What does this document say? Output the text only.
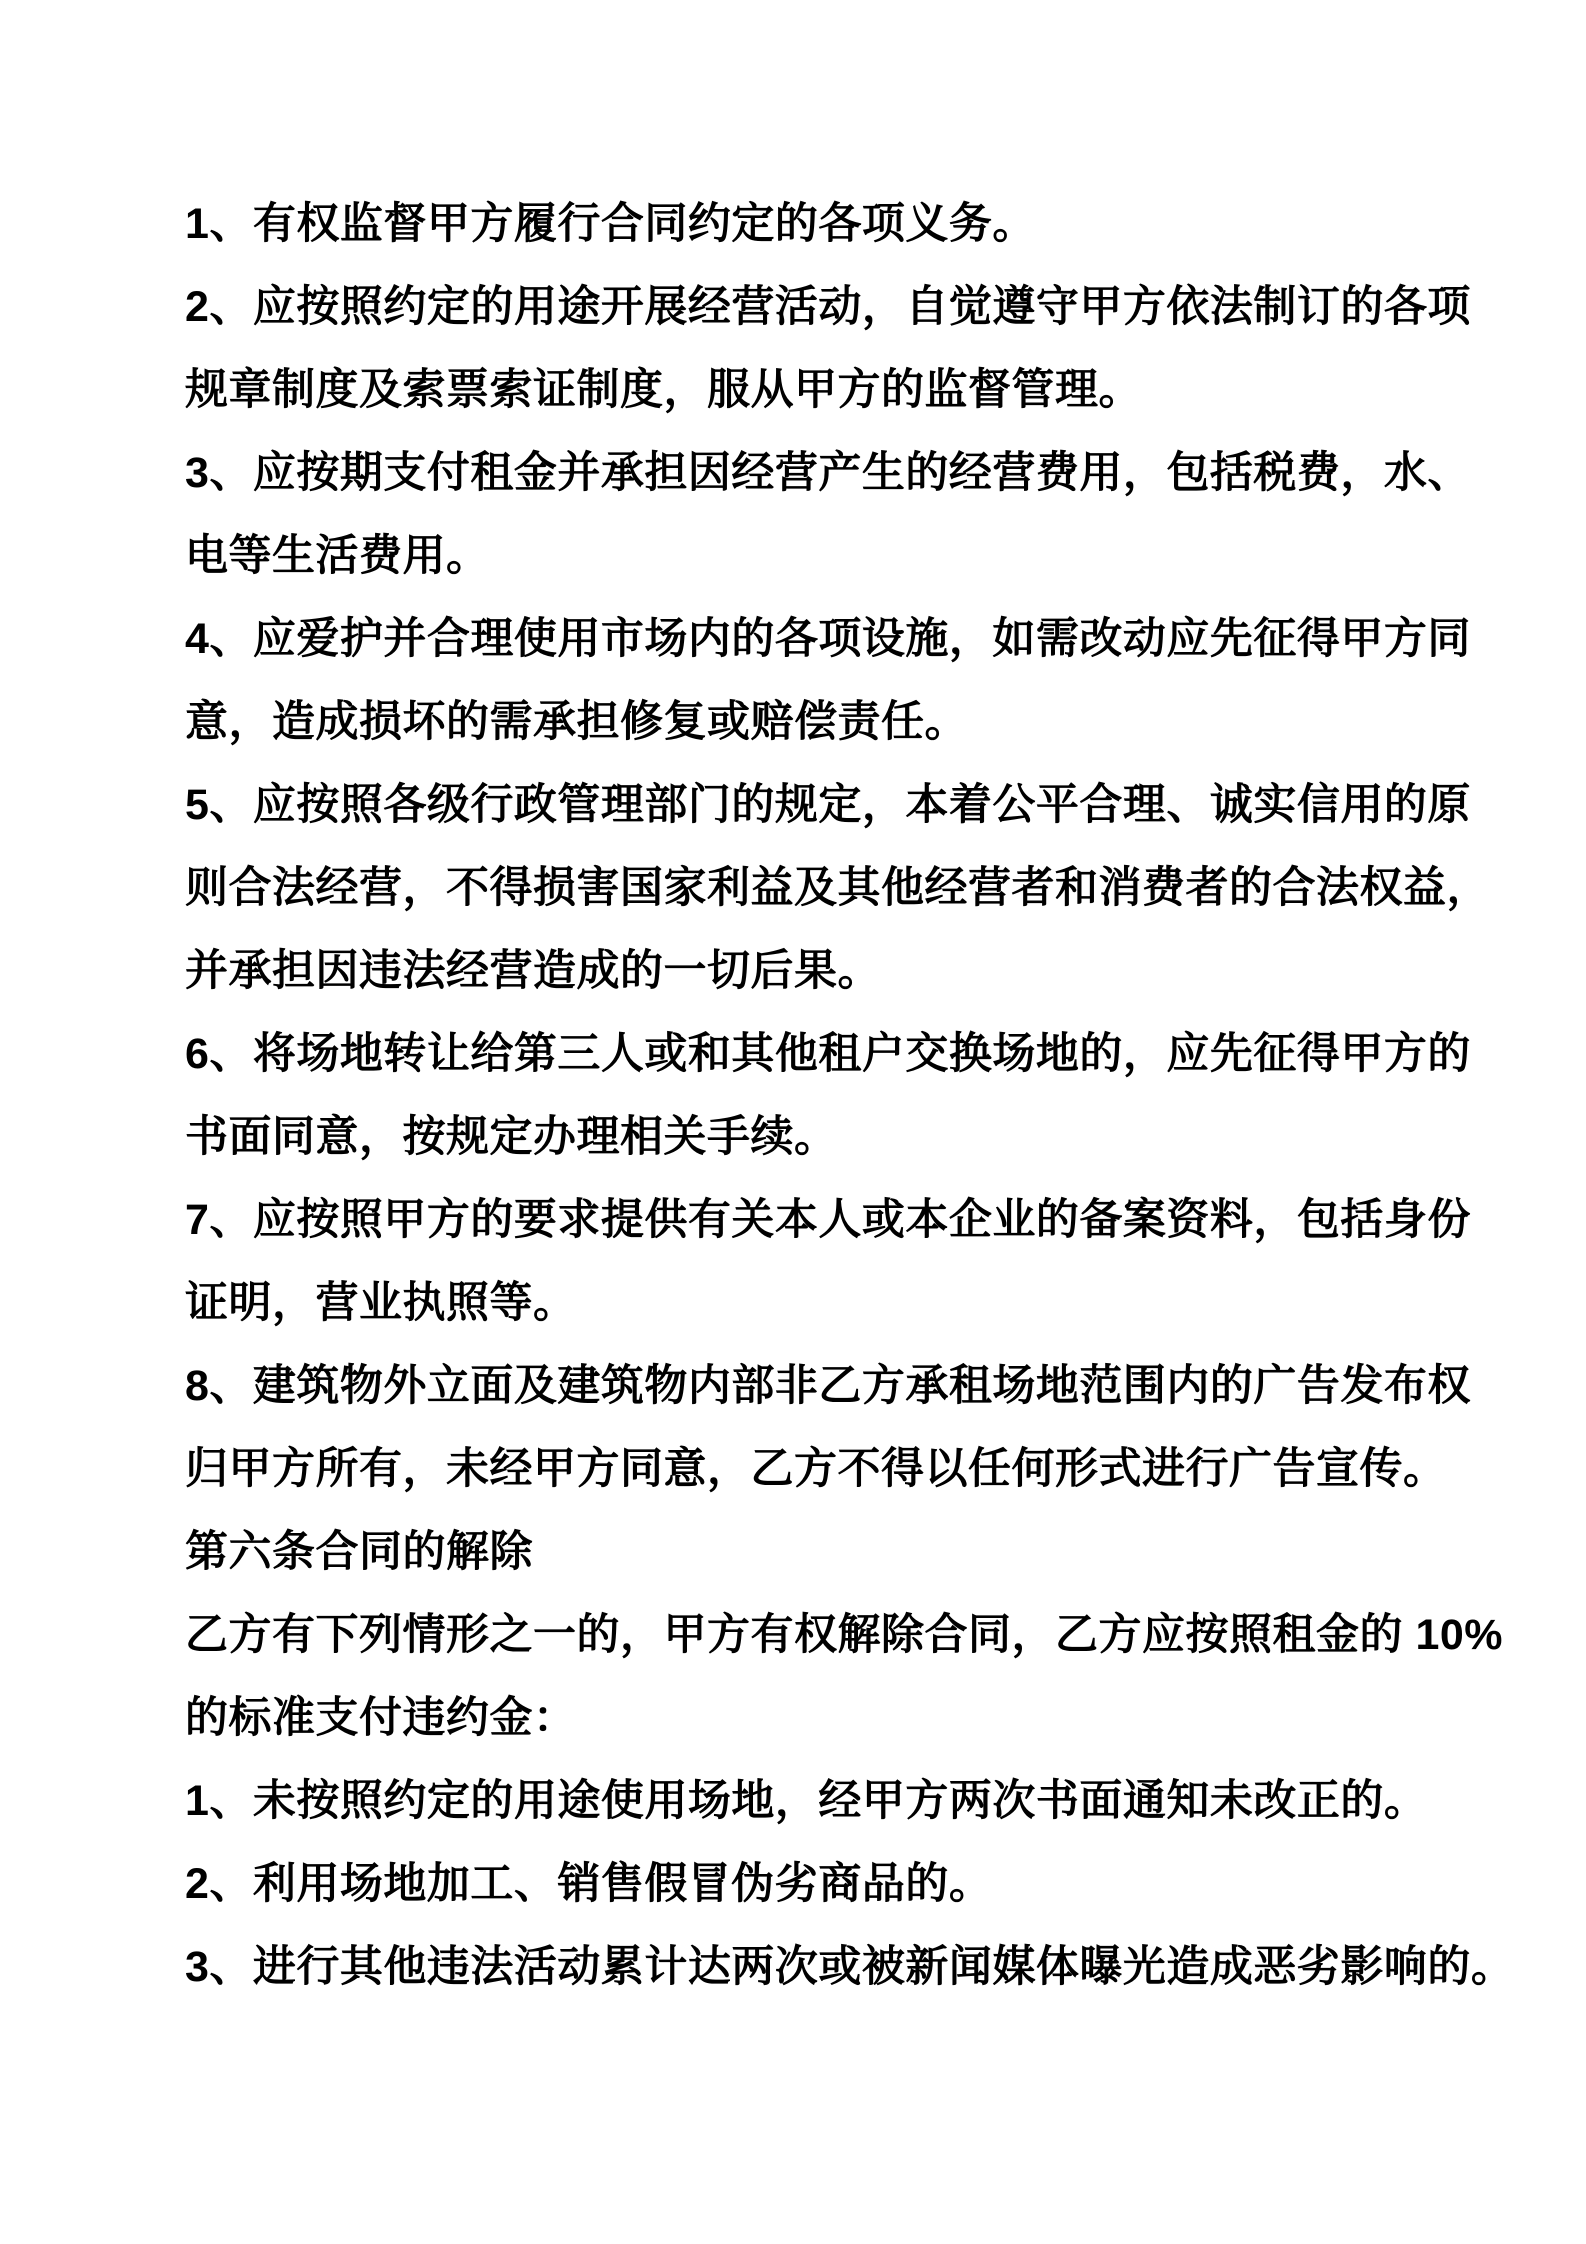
1、有权监督甲方履行合同约定的各项义务。
2、应按照约定的用途开展经营活动，自觉遵守甲方依法制订的各项
规章制度及索票索证制度，服从甲方的监督管理。
3、应按期支付租金并承担因经营产生的经营费用，包括税费，水、
电等生活费用。
4、应爱护并合理使用市场内的各项设施，如需改动应先征得甲方同
意，造成损坏的需承担修复或赔偿责任。
5、应按照各级行政管理部门的规定，本着公平合理、诚实信用的原
则合法经营，不得损害国家利益及其他经营者和消费者的合法权益，
并承担因违法经营造成的一切后果。
6、将场地转让给第三人或和其他租户交换场地的，应先征得甲方的
书面同意，按规定办理相关手续。
7、应按照甲方的要求提供有关本人或本企业的备案资料，包括身份
证明，营业执照等。
8、建筑物外立面及建筑物内部非乙方承租场地范围内的广告发布权
归甲方所有，未经甲方同意，乙方不得以任何形式进行广告宣传。
第六条合同的解除
乙方有下列情形之一的，甲方有权解除合同，乙方应按照租金的 10%
的标准支付违约金：
1、未按照约定的用途使用场地，经甲方两次书面通知未改正的。
2、利用场地加工、销售假冒伪劣商品的。
3、进行其他违法活动累计达两次或被新闻媒体曝光造成恶劣影响的。
